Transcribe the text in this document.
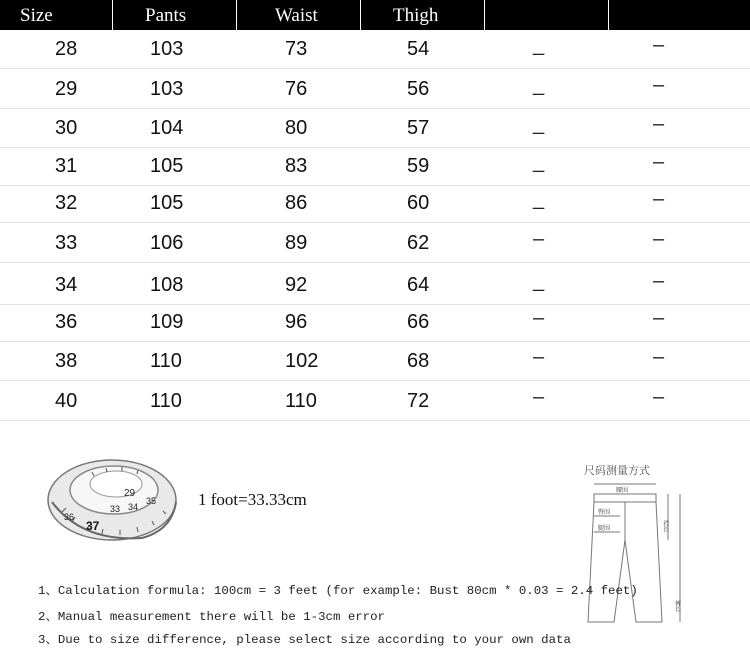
Size	Pants	Waist	Thigh
28	103	73	54	_	–
29	103	76	56	_	–
30	104	80	57	_	–
31	105	83	59	_	–
32	105	86	60	_	–
33	106	89	62	–	–
34	108	92	64	_	–
36	109	96	66	–	–
38	110	102	68	–	–
40	110	110	72	–	–
33 34
35
36
37
29	1 foot=33.33cm
尺码测量方式
腰围
臀围
腿围	裆长
裤长
1、Calculation formula: 100cm = 3 feet (for example: Bust 80cm * 0.03 = 2.4 feet)
2、Manual measurement there will be 1-3cm error
3、Due to size difference, please select size according to your own data
